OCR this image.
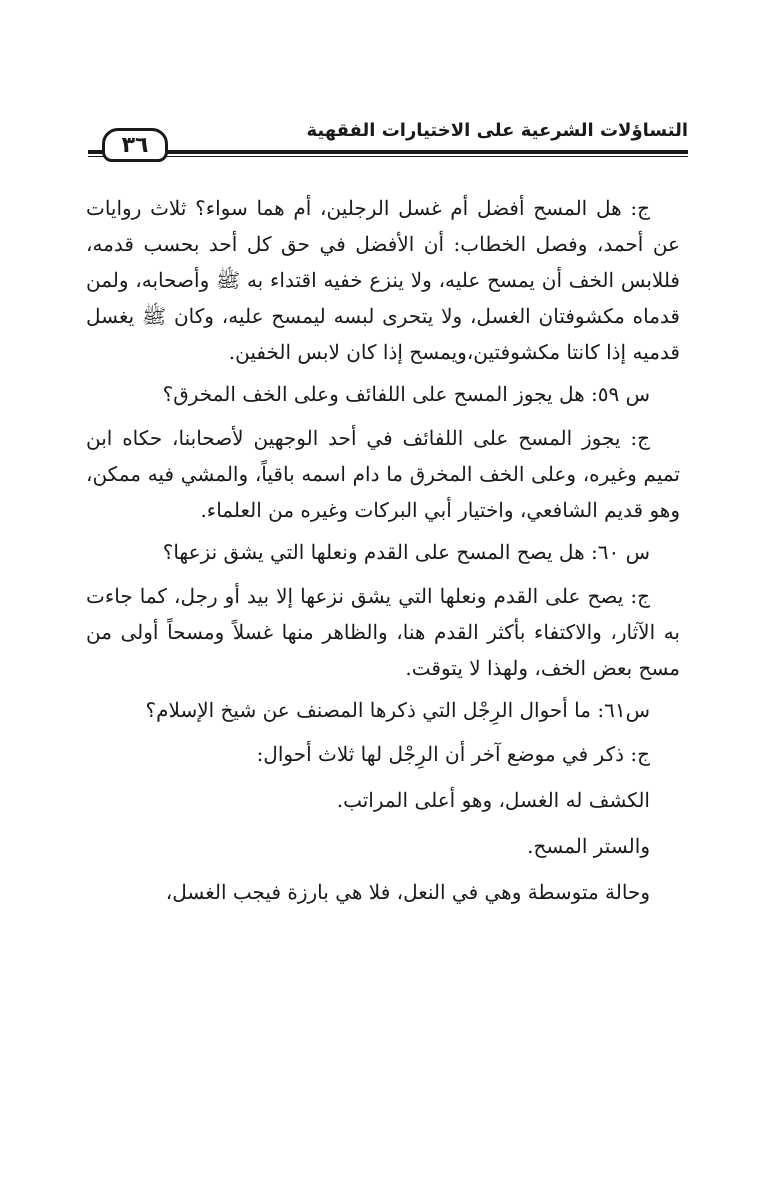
التساؤلات الشرعية على الاختيارات الفقهية
٣٦

ج: هل المسح أفضل أم غسل الرجلين، أم هما سواء؟ ثلاث روايات عن أحمد، وفصل الخطاب: أن الأفضل في حق كل أحد بحسب قدمه، فللابس الخف أن يمسح عليه، ولا ينزع خفيه اقتداء به ﷺ وأصحابه، ولمن قدماه مكشوفتان الغسل، ولا يتحرى لبسه ليمسح عليه، وكان ﷺ يغسل قدميه إذا كانتا مكشوفتين،ويمسح إذا كان لابس الخفين.

س ٥٩: هل يجوز المسح على اللفائف وعلى الخف المخرق؟

ج: يجوز المسح على اللفائف في أحد الوجهين لأصحابنا، حكاه ابن تميم وغيره، وعلى الخف المخرق ما دام اسمه باقياً، والمشي فيه ممكن، وهو قديم الشافعي، واختيار أبي البركات وغيره من العلماء.

س ٦٠: هل يصح المسح على القدم ونعلها التي يشق نزعها؟

ج: يصح على القدم ونعلها التي يشق نزعها إلا بيد أو رجل، كما جاءت به الآثار، والاكتفاء بأكثر القدم هنا، والظاهر منها غسلاً ومسحاً أولى من مسح بعض الخف، ولهذا لا يتوقت.

س٦١: ما أحوال الرِجْل التي ذكرها المصنف عن شيخ الإسلام؟

ج: ذكر في موضع آخر أن الرِجْل لها ثلاث أحوال:

الكشف له الغسل، وهو أعلى المراتب.

والستر المسح.

وحالة متوسطة وهي في النعل، فلا هي بارزة فيجب الغسل،
